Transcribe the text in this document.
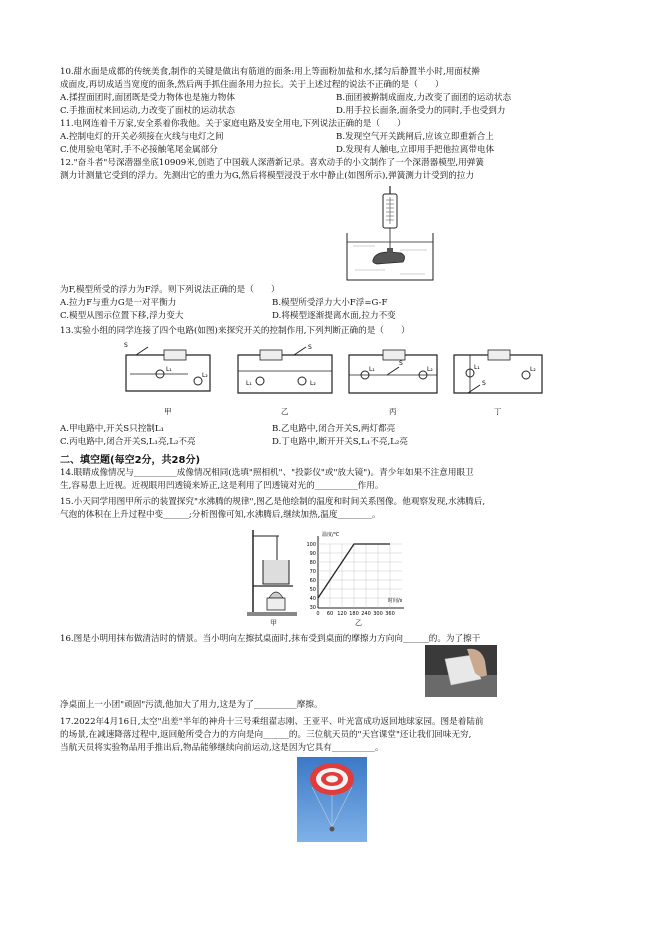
10.甜水面是成都的传统美食,制作的关键是做出有筋道的面条:用上等面粉加盐和水,揉匀后静置半小时,用面杖擀
成面皮,再切成适当宽度的面条,然后两手抓住面条用力拉长。关于上述过程的说法不正确的是（　　）
A.揉捏面团时,面团既是受力物体也是施力物体	B.面团被擀制成面皮,力改变了面团的运动状态
C.手推面杖来回运动,力改变了面杖的运动状态	D.用手拉长面条,面条受力的同时,手也受到力
11.电网连着千万家,安全系着你我他。关于家庭电路及安全用电,下列说法正确的是（　　）
A.控制电灯的开关必须接在火线与电灯之间	B.发现空气开关跳闸后,应该立即重新合上
C.使用验电笔时,手不必接触笔尾金属部分	D.发现有人触电,立即用手把他拉离带电体
12."奋斗者"号深潜器坐底10909米,创造了中国载人深潜新记录。喜欢动手的小文制作了一个深潜器模型,用弹簧
测力计测量它受到的浮力。先测出它的重力为G,然后将模型浸没于水中静止(如图所示),弹簧测力计受到的拉力
为F,模型所受的浮力为F浮。则下列说法正确的是（　　）
A.拉力F与重力G是一对平衡力	B.模型所受浮力大小F浮=G-F
C.模型从图示位置下移,浮力变大	D.将模型逐渐提离水面,拉力不变
13.实验小组的同学连接了四个电路(如图)来探究开关的控制作用,下列判断正确的是（　　）
S
L₁
L₂
S
L₁	L₂
S
L₁	L₂
S
L₁	L₂
甲	乙	丙	丁
A.甲电路中,开关S只控制L₁	B.乙电路中,闭合开关S,两灯都亮
C.丙电路中,闭合开关S,L₁亮,L₂不亮	D.丁电路中,断开开关S,L₁不亮,L₂亮
二、填空题(每空2分，共28分)
14.眼睛成像情况与__________成像情况相同(选填"照相机"、"投影仪"或"放大镜")。青少年如果不注意用眼卫
生,容易患上近视。近视眼用凹透镜来矫正,这是利用了凹透镜对光的__________作用。
15.小天同学用图甲所示的装置探究"水沸腾的规律",图乙是他绘制的温度和时间关系图像。他观察发现,水沸腾后,
气泡的体积在上升过程中变______;分析图像可知,水沸腾后,继续加热,温度________。
甲
温度/℃
时间/s
100
90
80
70
60
50
40
30
0 60 120 180 240 300 360
乙
16.图是小明用抹布做清洁时的情景。当小明向左擦拭桌面时,抹布受到桌面的摩擦力方向向______的。为了擦干
净桌面上一小团"顽固"污渍,他加大了用力,这是为了__________摩擦。
17.2022年4月16日,太空"出差"半年的神舟十三号乘组翟志刚、王亚平、叶光富成功返回地球家园。图是着陆前
的场景,在减速降落过程中,返回舱所受合力的方向是向______的。三位航天员的"天宫课堂"还让我们回味无穷,
当航天员将实验物品用手推出后,物品能够继续向前运动,这是因为它具有__________。
